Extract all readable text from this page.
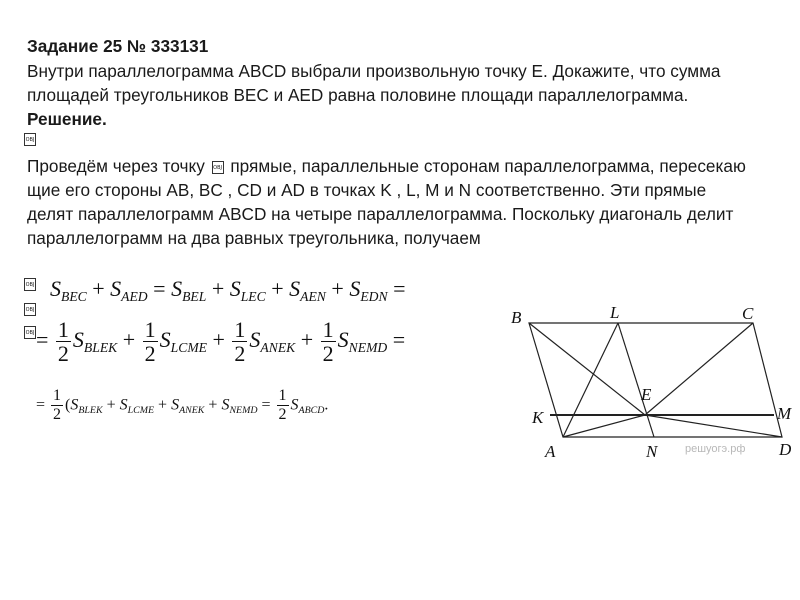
Задание 25 № 333131
Внутри параллелограмма ABCD выбрали произвольную точку E. Докажите, что сумма
площадей треугольников BEC и AED равна половине площади параллелограмма.
Решение.
OBJ
Проведём через точку OBJ прямые, параллельные сторонам параллелограмма, пересекаю
щие его стороны AB, BC , CD и AD в точках K , L, M и N соответственно. Эти прямые
делят параллелограмм ABCD на четыре параллелограмма. Поскольку диагональ делит
параллелограмм на два равных треугольника, получаем
OBJ
OBJ
OBJ
$S_{BEC} + S_{AED} = S_{BEL} + S_{LEC} + S_{AEN} + S_{EDN}$ =
= $\frac{1}{2} S_{BLEK} + \frac{1}{2} S_{LCME} + \frac{1}{2} S_{ANEK} + \frac{1}{2} S_{NEMD}$ =
= $\frac{1}{2} (S_{BLEK} + S_{LCME} + S_{ANEK} + S_{NEMD} = \frac{1}{2} S_{ABCD}$.
B	L	C
E
K	M
A	N	D
решуогэ.рф
